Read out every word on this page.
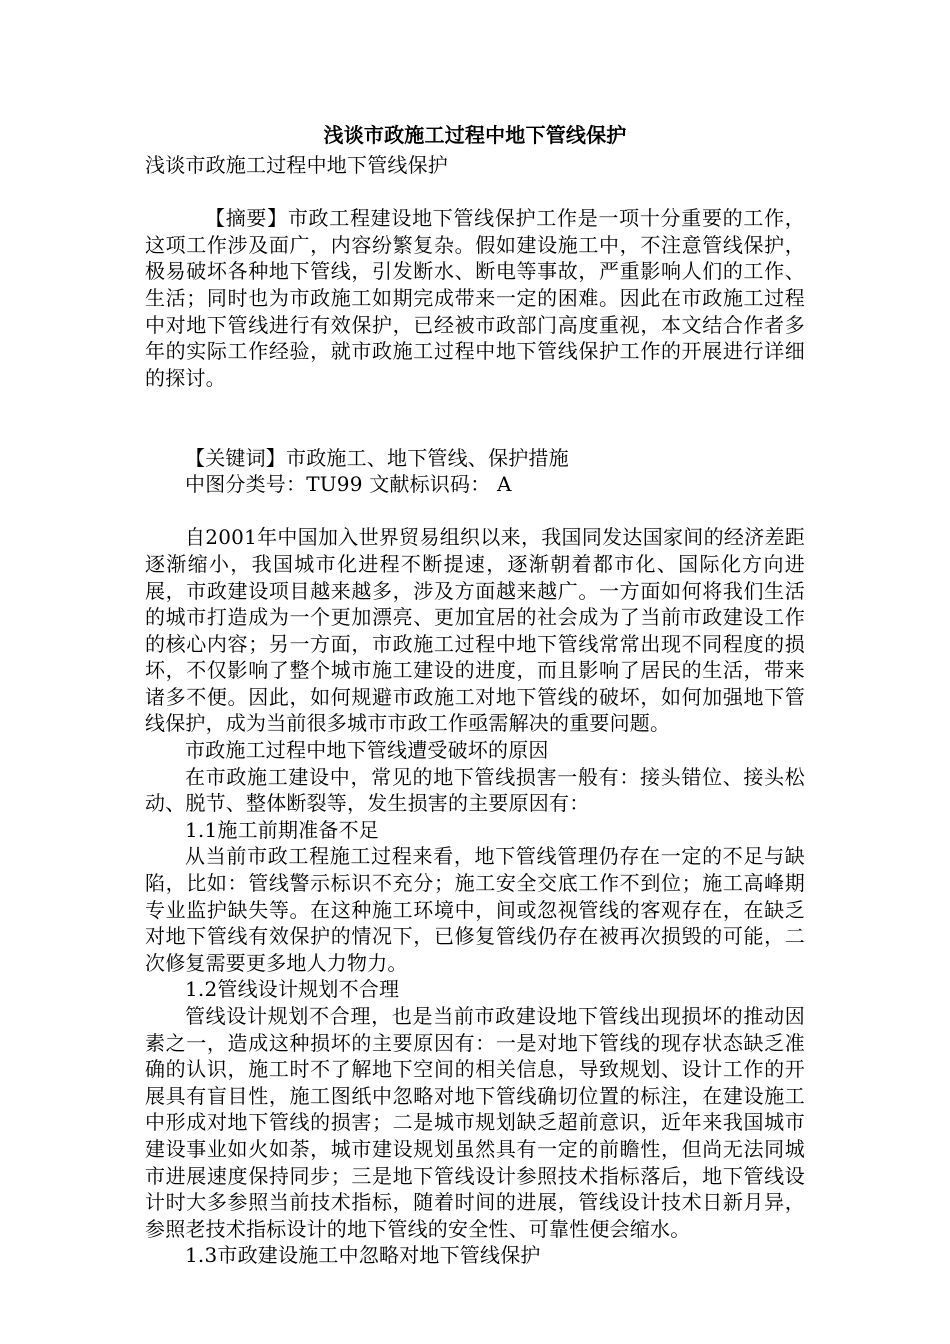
浅谈市政施工过程中地下管线保护

浅谈市政施工过程中地下管线保护

【摘要】市政工程建设地下管线保护工作是一项十分重要的工作，这项工作涉及面广，内容纷繁复杂。假如建设施工中，不注意管线保护，极易破坏各种地下管线，引发断水、断电等事故，严重影响人们的工作、生活；同时也为市政施工如期完成带来一定的困难。因此在市政施工过程中对地下管线进行有效保护，已经被市政部门高度重视，本文结合作者多年的实际工作经验，就市政施工过程中地下管线保护工作的开展进行详细的探讨。

【关键词】市政施工、地下管线、保护措施

中图分类号：TU99 文献标识码： A

自2001年中国加入世界贸易组织以来，我国同发达国家间的经济差距逐渐缩小，我国城市化进程不断提速，逐渐朝着都市化、国际化方向进展，市政建设项目越来越多，涉及方面越来越广。一方面如何将我们生活的城市打造成为一个更加漂亮、更加宜居的社会成为了当前市政建设工作的核心内容；另一方面，市政施工过程中地下管线常常出现不同程度的损坏，不仅影响了整个城市施工建设的进度，而且影响了居民的生活，带来诸多不便。因此，如何规避市政施工对地下管线的破坏，如何加强地下管线保护，成为当前很多城市市政工作亟需解决的重要问题。

市政施工过程中地下管线遭受破坏的原因

在市政施工建设中，常见的地下管线损害一般有：接头错位、接头松动、脱节、整体断裂等，发生损害的主要原因有：

1.1施工前期准备不足

从当前市政工程施工过程来看，地下管线管理仍存在一定的不足与缺陷，比如：管线警示标识不充分；施工安全交底工作不到位；施工高峰期专业监护缺失等。在这种施工环境中，间或忽视管线的客观存在，在缺乏对地下管线有效保护的情况下，已修复管线仍存在被再次损毁的可能，二次修复需要更多地人力物力。

1.2管线设计规划不合理

管线设计规划不合理，也是当前市政建设地下管线出现损坏的推动因素之一，造成这种损坏的主要原因有：一是对地下管线的现存状态缺乏准确的认识，施工时不了解地下空间的相关信息，导致规划、设计工作的开展具有盲目性，施工图纸中忽略对地下管线确切位置的标注，在建设施工中形成对地下管线的损害；二是城市规划缺乏超前意识，近年来我国城市建设事业如火如荼，城市建设规划虽然具有一定的前瞻性，但尚无法同城市进展速度保持同步；三是地下管线设计参照技术指标落后，地下管线设计时大多参照当前技术指标，随着时间的进展，管线设计技术日新月异，参照老技术指标设计的地下管线的安全性、可靠性便会缩水。

1.3市政建设施工中忽略对地下管线保护
